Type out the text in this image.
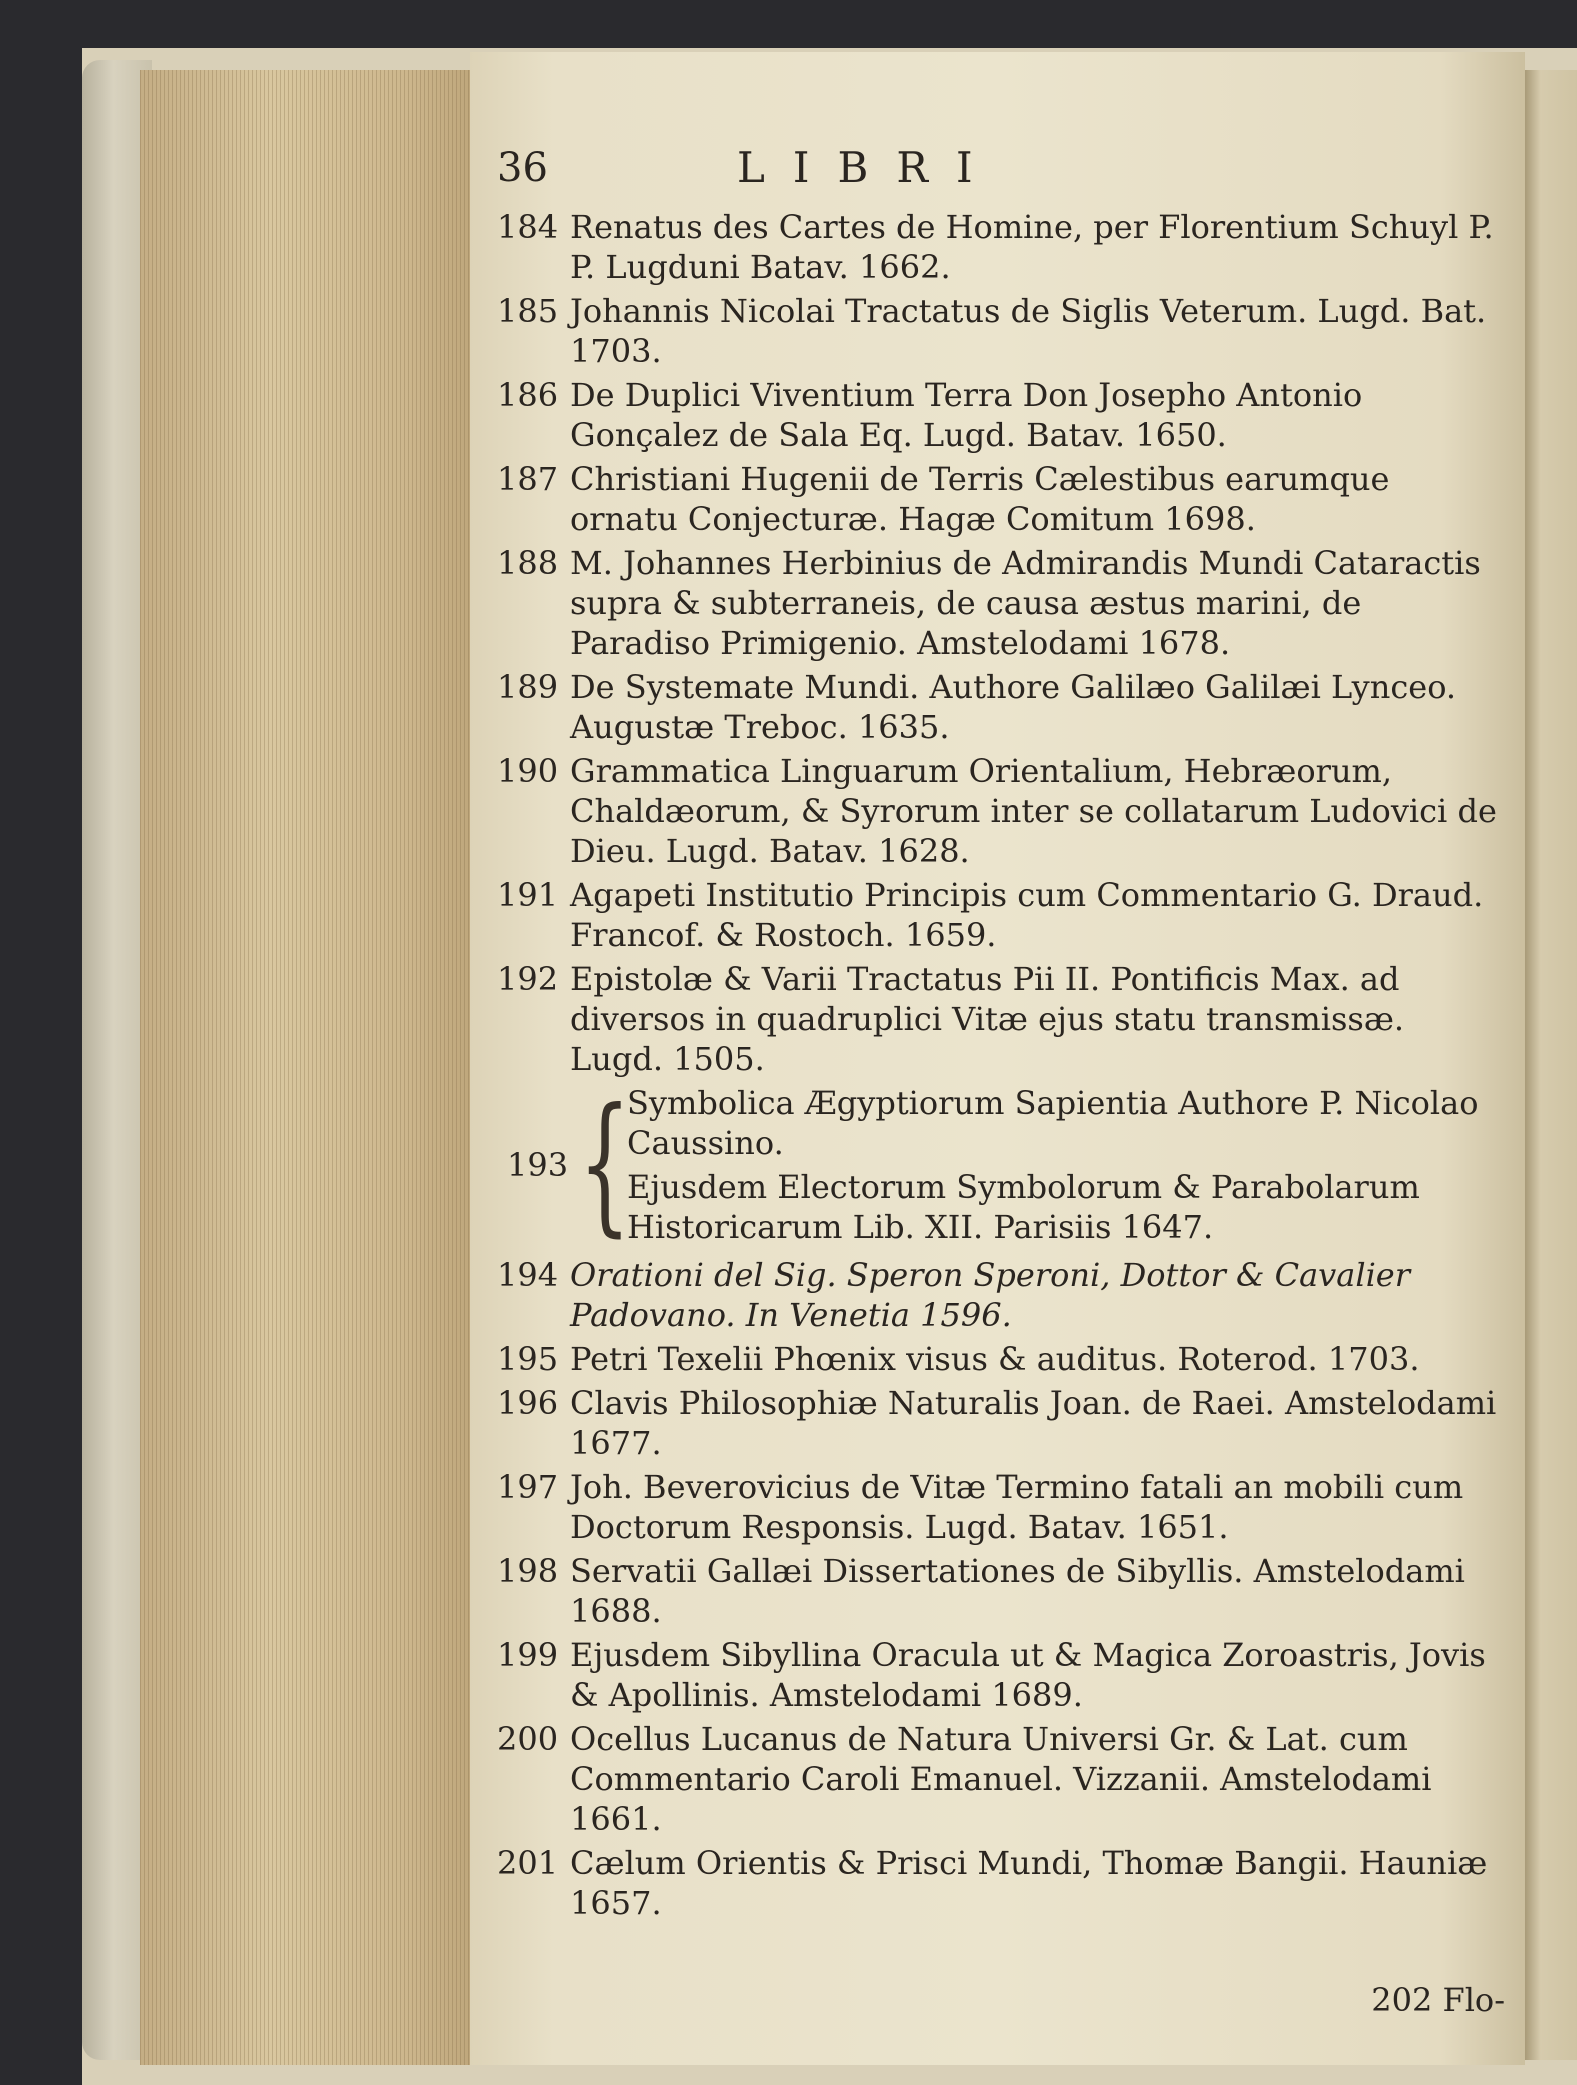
36	LIBRI
184 Renatus des Cartes de Homine, per Florentium Schuyl P. P. Lugduni Batav. 1662.
185 Johannis Nicolai Tractatus de Siglis Veterum. Lugd. Bat. 1703.
186 De Duplici Viventium Terra Don Josepho Antonio Gonçalez de Sala Eq. Lugd. Batav. 1650.
187 Christiani Hugenii de Terris Cælestibus earumque ornatu Conjecturæ. Hagæ Comitum 1698.
188 M. Johannes Herbinius de Admirandis Mundi Cataractis supra & subterraneis, de causa æstus marini, de Paradiso Primigenio. Amstelodami 1678.
189 De Systemate Mundi. Authore Galilæo Galilæi Lynceo. Augustæ Treboc. 1635.
190 Grammatica Linguarum Orientalium, Hebræorum, Chaldæorum, & Syrorum inter se collatarum Ludovici de Dieu. Lugd. Batav. 1628.
191 Agapeti Institutio Principis cum Commentario G. Draud. Francof. & Rostoch. 1659.
192 Epistolæ & Varii Tractatus Pii II. Pontificis Max. ad diversos in quadruplici Vitæ ejus statu transmissæ. Lugd. 1505.
193 {
Symbolica Ægyptiorum Sapientia Authore P. Nicolao Caussino.
Ejusdem Electorum Symbolorum & Parabolarum Historicarum Lib. XII. Parisiis 1647.
194 Orationi del Sig. Speron Speroni, Dottor & Cavalier Padovano. In Venetia 1596.
195 Petri Texelii Phœnix visus & auditus. Roterod. 1703.
196 Clavis Philosophiæ Naturalis Joan. de Raei. Amstelodami 1677.
197 Joh. Beverovicius de Vitæ Termino fatali an mobili cum Doctorum Responsis. Lugd. Batav. 1651.
198 Servatii Gallæi Dissertationes de Sibyllis. Amstelodami 1688.
199 Ejusdem Sibyllina Oracula ut & Magica Zoroastris, Jovis & Apollinis. Amstelodami 1689.
200 Ocellus Lucanus de Natura Universi Gr. & Lat. cum Commentario Caroli Emanuel. Vizzanii. Amstelodami 1661.
201 Cælum Orientis & Prisci Mundi, Thomæ Bangii. Hauniæ 1657.
202 Flo-
